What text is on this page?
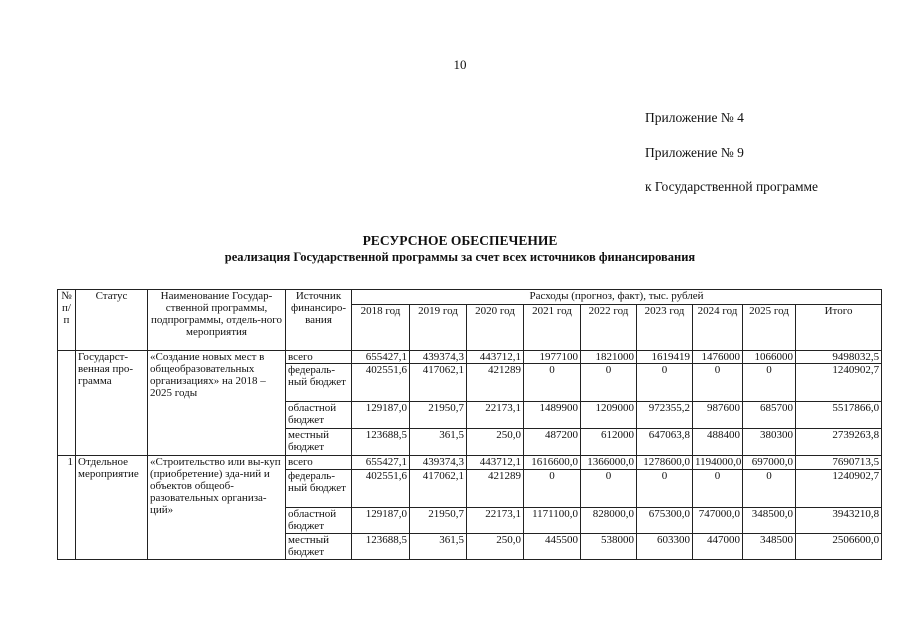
10
Приложение № 4
Приложение № 9
к Государственной программе
РЕСУРСНОЕ ОБЕСПЕЧЕНИЕ
реализация Государственной программы за счет всех источников финансирования
№ п/п	Статус	Наименование Государ-ственной программы, подпрограммы, отдель-ного мероприятия	Источник финансиро-вания	Расходы (прогноз, факт), тыс. рублей								
				2018 год	2019 год	2020 год	2021 год	2022 год	2023 год	2024 год	2025 год	Итого
	Государст-венная про-грамма	«Создание новых мест в общеобразовательных организациях» на 2018 – 2025 годы	всего	655427,1	439374,3	443712,1	1977100	1821000	1619419	1476000	1066000	9498032,5
			федераль-ный бюджет	402551,6	417062,1	421289	0	0	0	0	0	1240902,7
			областной бюджет	129187,0	21950,7	22173,1	1489900	1209000	972355,2	987600	685700	5517866,0
			местный бюджет	123688,5	361,5	250,0	487200	612000	647063,8	488400	380300	2739263,8
1	Отдельное мероприятие	«Строительство или вы-куп (приобретение) зда-ний и объектов общеоб-разовательных организа-ций»	всего	655427,1	439374,3	443712,1	1616600,0	1366000,0	1278600,0	1194000,0	697000,0	7690713,5
			федераль-ный бюджет	402551,6	417062,1	421289	0	0	0	0	0	1240902,7
			областной бюджет	129187,0	21950,7	22173,1	1171100,0	828000,0	675300,0	747000,0	348500,0	3943210,8
			местный бюджет	123688,5	361,5	250,0	445500	538000	603300	447000	348500	2506600,0
